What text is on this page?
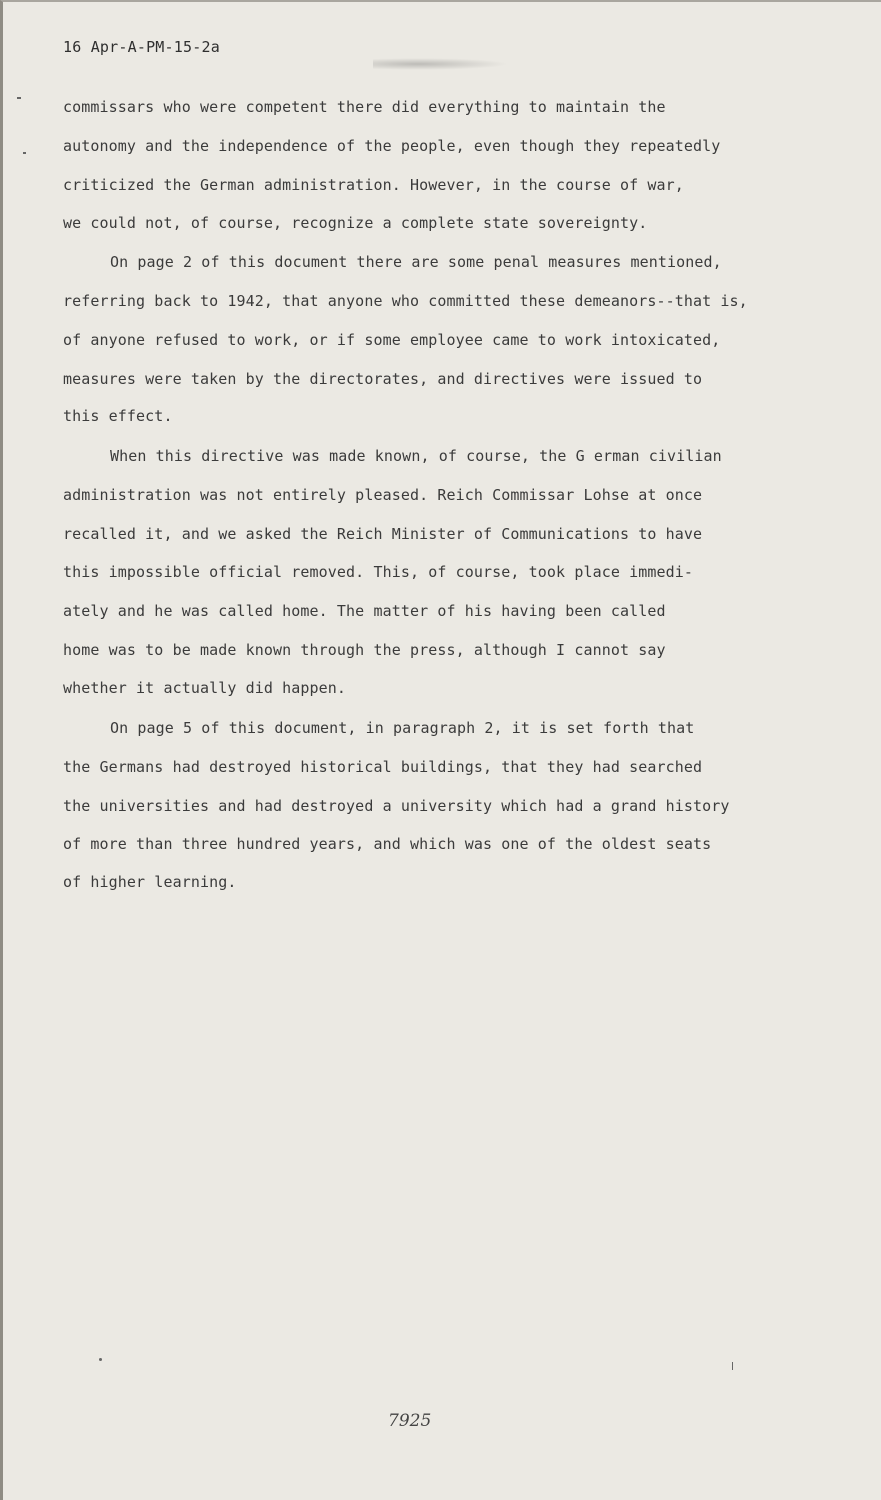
16 Apr-A-PM-15-2a
commissars who were competent there did everything to maintain the
autonomy and the independence of the people, even though they repeatedly
criticized the German administration. However, in the course of war,
we could not, of course, recognize a complete state sovereignty.
On page 2 of this document there are some penal measures mentioned,
referring back to 1942, that anyone who committed these demeanors--that is,
of anyone refused to work, or if some employee came to work intoxicated,
measures were taken by the directorates, and directives were issued to
this effect.
When this directive was made known, of course, the G erman civilian
administration was not entirely pleased. Reich Commissar Lohse at once
recalled it, and we asked the Reich Minister of Communications to have
this impossible official removed. This, of course, took place immedi-
ately and he was called home. The matter of his having been called
home was to be made known through the press, although I cannot say
whether it actually did happen.
On page 5 of this document, in paragraph 2, it is set forth that
the Germans had destroyed historical buildings, that they had searched
the universities and had destroyed a university which had a grand history
of more than three hundred years, and which was one of the oldest seats
of higher learning.
7925
